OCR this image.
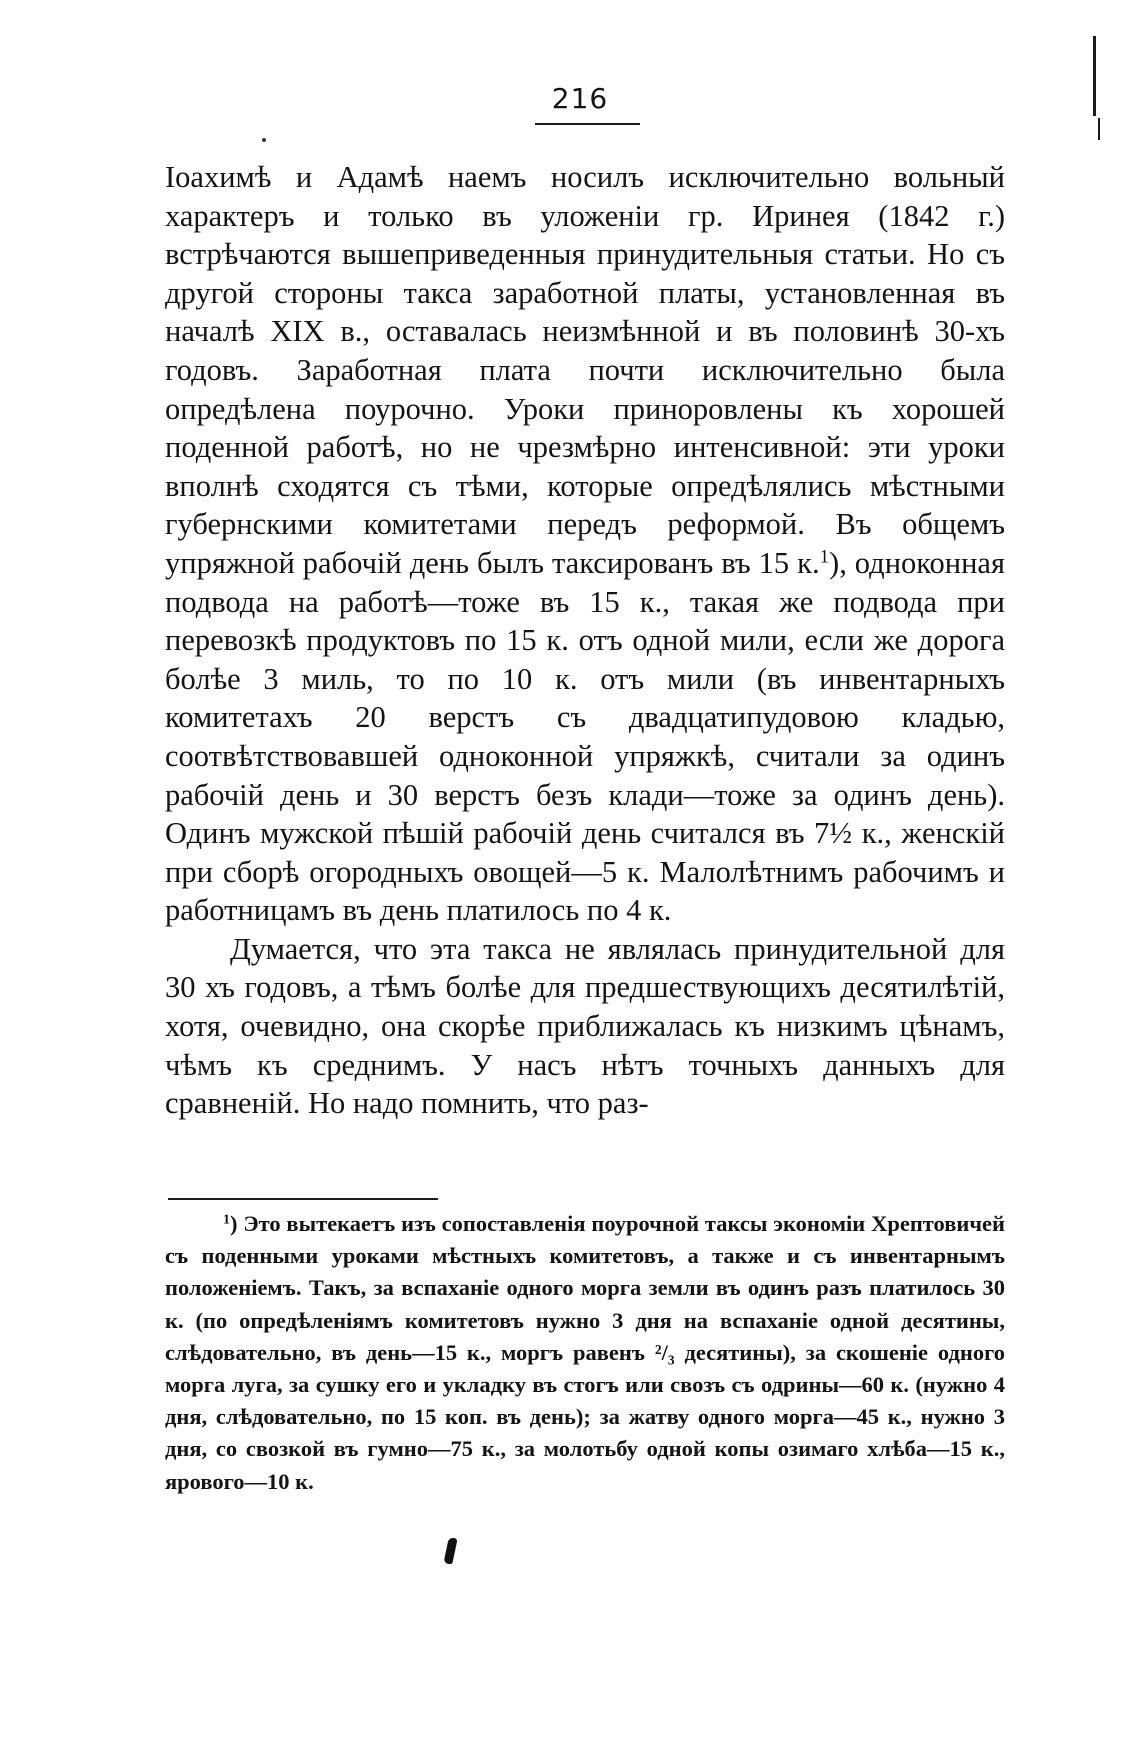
216

Іоахимѣ и Адамѣ наемъ носилъ исключительно вольный характеръ и только въ уложеніи гр. Иринея (1842 г.) встрѣчаются вышеприведенныя принудительныя статьи. Но съ другой стороны такса заработной платы, установленная въ началѣ XIX в., оставалась неизмѣнной и въ половинѣ 30-хъ годовъ. Заработная плата почти исключительно была опредѣлена поурочно. Уроки приноровлены къ хорошей поденной работѣ, но не чрезмѣрно интенсивной: эти уроки вполнѣ сходятся съ тѣми, которые опредѣлялись мѣстными губернскими комитетами передъ реформой. Въ общемъ упряжной рабочій день былъ таксированъ въ 15 к.$^1$), одноконная подвода на работѣ—тоже въ 15 к., такая же подвода при перевозкѣ продуктовъ по 15 к. отъ одной мили, если же дорога болѣе 3 миль, то по 10 к. отъ мили (въ инвентарныхъ комитетахъ 20 верстъ съ двадцатипудовою кладью, соотвѣтствовавшей одноконной упряжкѣ, считали за одинъ рабочій день и 30 верстъ безъ клади—тоже за одинъ день). Одинъ мужской пѣшій рабочій день считался въ 7½ к., женскій при сборѣ огородныхъ овощей—5 к. Малолѣтнимъ рабочимъ и работницамъ въ день платилось по 4 к.

Думается, что эта такса не являлась принудительной для 30 хъ годовъ, а тѣмъ болѣе для предшествующихъ десятилѣтій, хотя, очевидно, она скорѣе приближалась къ низкимъ цѣнамъ, чѣмъ къ среднимъ. У насъ нѣтъ точныхъ данныхъ для сравненій. Но надо помнить, что раз-

$^1$) Это вытекаетъ изъ сопоставленія поурочной таксы экономіи Хрептовичей съ поденными уроками мѣстныхъ комитетовъ, а также и съ инвентарнымъ положеніемъ. Такъ, за вспаханіе одного морга земли въ одинъ разъ платилось 30 к. (по опредѣленіямъ комитетовъ нужно 3 дня на вспаханіе одной десятины, слѣдовательно, въ день—15 к., моргъ равенъ ²/₃ десятины), за скошеніе одного морга луга, за сушку его и укладку въ стогъ или свозъ съ одрины—60 к. (нужно 4 дня, слѣдовательно, по 15 коп. въ день); за жатву одного морга—45 к., нужно 3 дня, со свозкой въ гумно—75 к., за молотьбу одной копы озимаго хлѣба—15 к., ярового—10 к.
